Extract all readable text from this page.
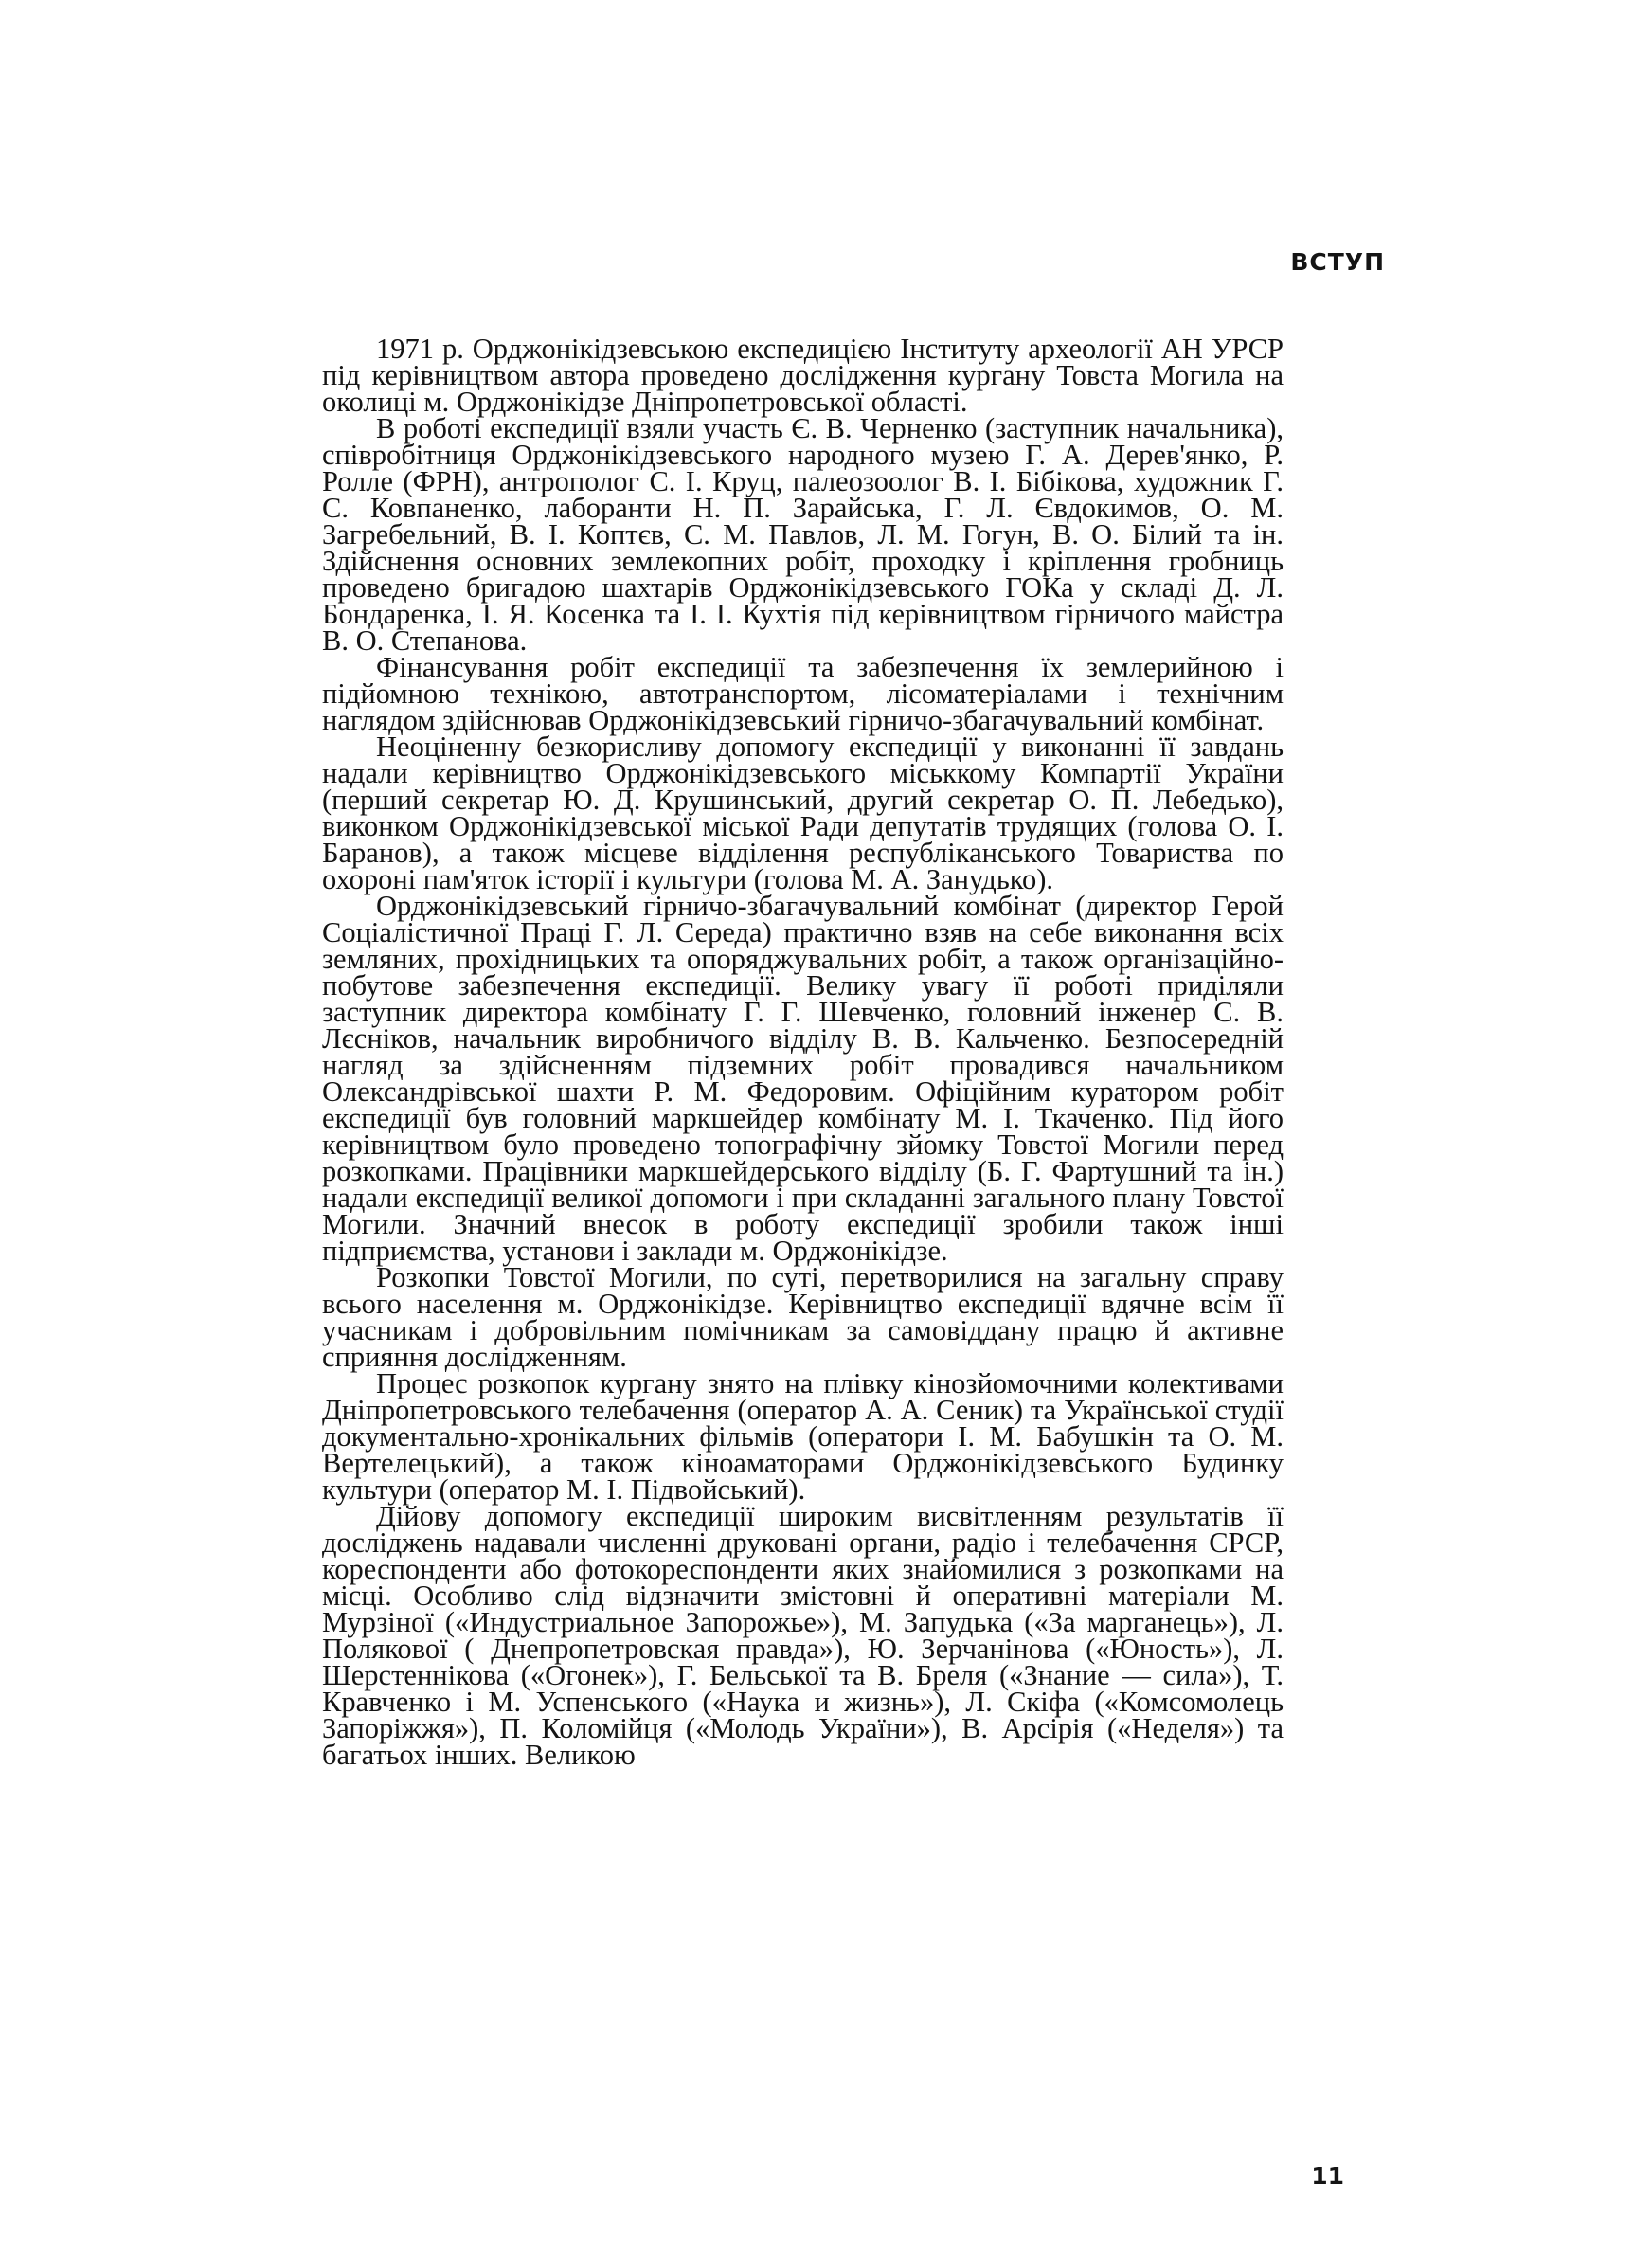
ВСТУП

1971 р. Орджонікідзевською експедицією Інституту археології АН УРСР під керівництвом автора проведено дослідження кургану Товста Могила на околиці м. Орджонікідзе Дніпропетровської області.

В роботі експедиції взяли участь Є. В. Черненко (заступник начальника), співробітниця Орджонікідзевського народного музею Г. А. Дерев'янко, Р. Ролле (ФРН), антрополог С. І. Круц, палеозоолог В. І. Бібікова, художник Г. С. Ковпаненко, лаборанти Н. П. Зарайська, Г. Л. Євдокимов, О. М. Загребельний, В. І. Коптєв, С. М. Павлов, Л. М. Гогун, В. О. Білий та ін. Здійснення основних землекопних робіт, проходку і кріплення гробниць проведено бригадою шахтарів Орджонікідзевського ГОКа у складі Д. Л. Бондаренка, І. Я. Косенка та І. І. Кухтія під керівництвом гірничого майстра В. О. Степанова.

Фінансування робіт експедиції та забезпечення їх землерийною і підйомною технікою, автотранспортом, лісоматеріалами і технічним наглядом здійснював Орджонікідзевський гірничо-збагачувальний комбінат.

Неоціненну безкорисливу допомогу експедиції у виконанні її завдань надали керівництво Орджонікідзевського міськкому Компартії України (перший секретар Ю. Д. Крушинський, другий секретар О. П. Лебедько), виконком Орджонікідзевської міської Ради депутатів трудящих (голова О. І. Баранов), а також місцеве відділення республіканського Товариства по охороні пам'яток історії і культури (голова М. А. Занудько).

Орджонікідзевський гірничо-збагачувальний комбінат (директор Герой Соціалістичної Праці Г. Л. Середа) практично взяв на себе виконання всіх земляних, прохідницьких та опоряджувальних робіт, а також організаційно-побутове забезпечення експедиції. Велику увагу її роботі приділяли заступник директора комбінату Г. Г. Шевченко, головний інженер С. В. Лєсніков, начальник виробничого відділу В. В. Кальченко. Безпосередній нагляд за здійсненням підземних робіт провадився начальником Олександрівської шахти Р. М. Федоровим. Офіційним куратором робіт експедиції був головний маркшейдер комбінату М. І. Ткаченко. Під його керівництвом було проведено топографічну зйомку Товстої Могили перед розкопками. Працівники маркшейдерського відділу (Б. Г. Фартушний та ін.) надали експедиції великої допомоги і при складанні загального плану Товстої Могили. Значний внесок в роботу експедиції зробили також інші підприємства, установи і заклади м. Орджонікідзе.

Розкопки Товстої Могили, по суті, перетворилися на загальну справу всього населення м. Орджонікідзе. Керівництво експедиції вдячне всім її учасникам і добровільним помічникам за самовіддану працю й активне сприяння дослідженням.

Процес розкопок кургану знято на плівку кінозйомочними колективами Дніпропетровського телебачення (оператор А. А. Сеник) та Української студії документально-хронікальних фільмів (оператори І. М. Бабушкін та О. М. Вертелецький), а також кіноаматорами Орджонікідзевського Будинку культури (оператор М. І. Підвойський).

Дійову допомогу експедиції широким висвітленням результатів її досліджень надавали численні друковані органи, радіо і телебачення СРСР, кореспонденти або фотокореспонденти яких знайомилися з розкопками на місці. Особливо слід відзначити змістовні й оперативні матеріали М. Мурзіної («Индустриальное Запорожье»), М. Запудька («За марганець»), Л. Полякової ( Днепропетровская правда»), Ю. Зерчанінова («Юность»), Л. Шерстеннікова («Огонек»), Г. Бельської та В. Бреля («Знание — сила»), Т. Кравченко і М. Успенського («Наука и жизнь»), Л. Скіфа («Комсомолець Запоріжжя»), П. Коломійця («Молодь України»), В. Арсірія («Неделя») та багатьох інших. Великою

11
